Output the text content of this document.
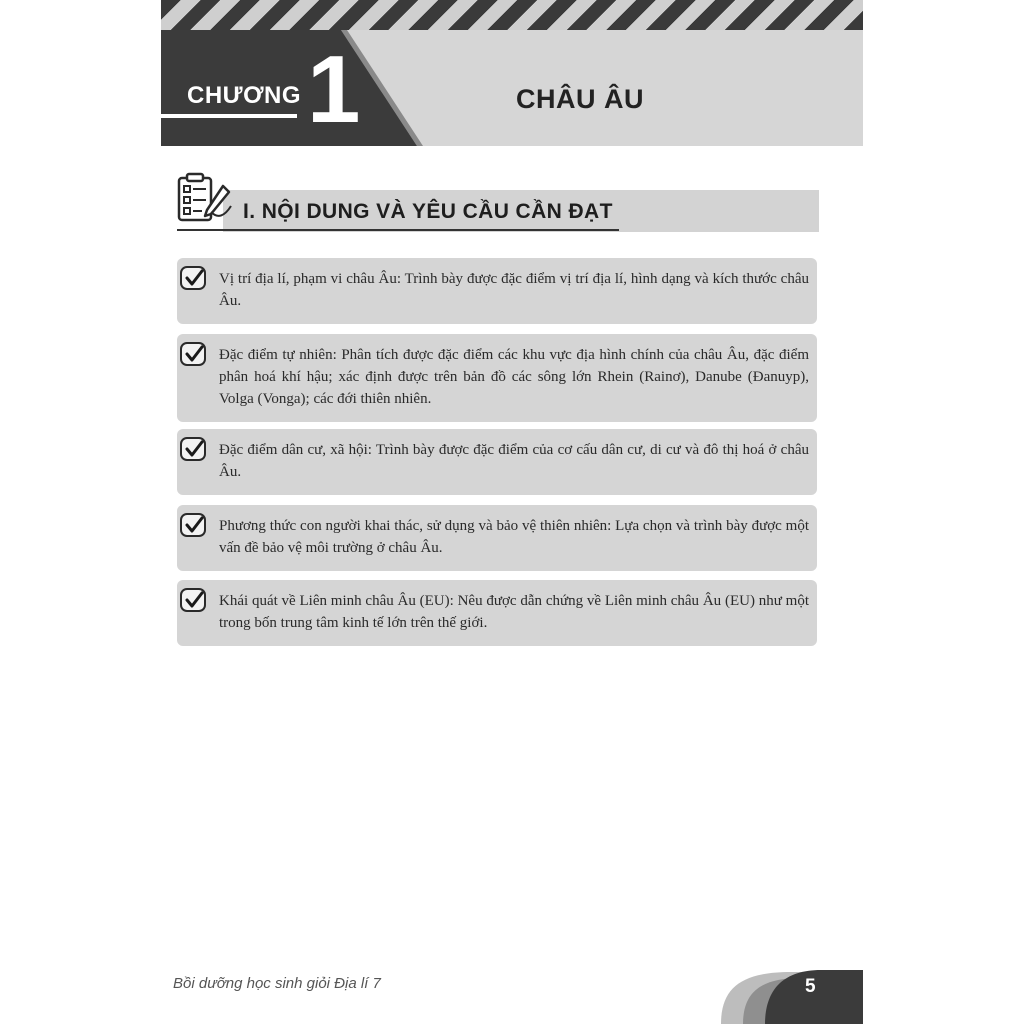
CHƯƠNG 1	CHÂU ÂU
I. NỘI DUNG VÀ YÊU CẦU CẦN ĐẠT
Vị trí địa lí, phạm vi châu Âu: Trình bày được đặc điểm vị trí địa lí, hình dạng và kích thước châu Âu.
Đặc điểm tự nhiên: Phân tích được đặc điểm các khu vực địa hình chính của châu Âu, đặc điểm phân hoá khí hậu; xác định được trên bản đồ các sông lớn Rhein (Rainơ), Danube (Đanuyp), Volga (Vonga); các đới thiên nhiên.
Đặc điểm dân cư, xã hội: Trình bày được đặc điểm của cơ cấu dân cư, di cư và đô thị hoá ở châu Âu.
Phương thức con người khai thác, sử dụng và bảo vệ thiên nhiên: Lựa chọn và trình bày được một vấn đề bảo vệ môi trường ở châu Âu.
Khái quát về Liên minh châu Âu (EU): Nêu được dẫn chứng về Liên minh châu Âu (EU) như một trong bốn trung tâm kinh tế lớn trên thế giới.
Bồi dưỡng học sinh giỏi Địa lí 7	5
